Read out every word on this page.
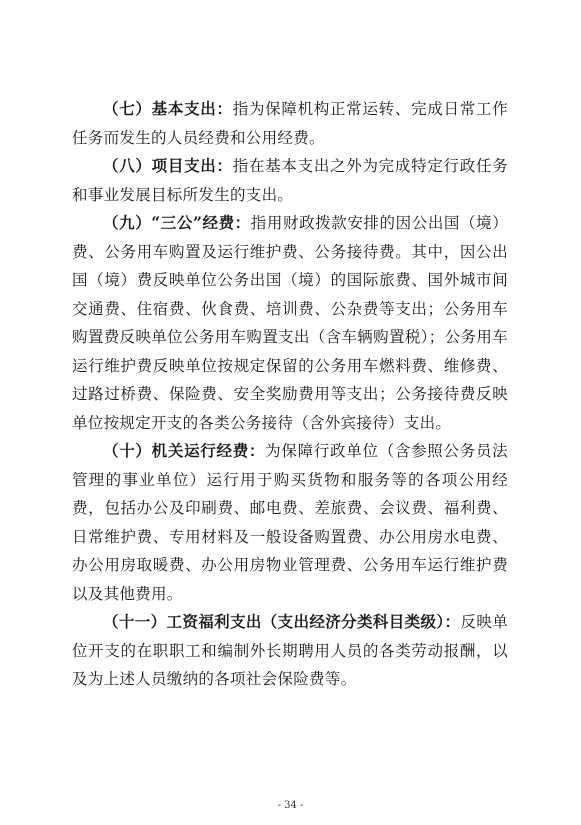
（七）基本支出：指为保障机构正常运转、完成日常工作任务而发生的人员经费和公用经费。

（八）项目支出：指在基本支出之外为完成特定行政任务和事业发展目标所发生的支出。

（九）“三公”经费：指用财政拨款安排的因公出国（境）费、公务用车购置及运行维护费、公务接待费。其中，因公出国（境）费反映单位公务出国（境）的国际旅费、国外城市间交通费、住宿费、伙食费、培训费、公杂费等支出；公务用车购置费反映单位公务用车购置支出（含车辆购置税）；公务用车运行维护费反映单位按规定保留的公务用车燃料费、维修费、过路过桥费、保险费、安全奖励费用等支出；公务接待费反映单位按规定开支的各类公务接待（含外宾接待）支出。

（十）机关运行经费：为保障行政单位（含参照公务员法管理的事业单位）运行用于购买货物和服务等的各项公用经费，包括办公及印刷费、邮电费、差旅费、会议费、福利费、日常维护费、专用材料及一般设备购置费、办公用房水电费、办公用房取暖费、办公用房物业管理费、公务用车运行维护费以及其他费用。

（十一）工资福利支出（支出经济分类科目类级）：反映单位开支的在职职工和编制外长期聘用人员的各类劳动报酬，以及为上述人员缴纳的各项社会保险费等。

- 34 -
